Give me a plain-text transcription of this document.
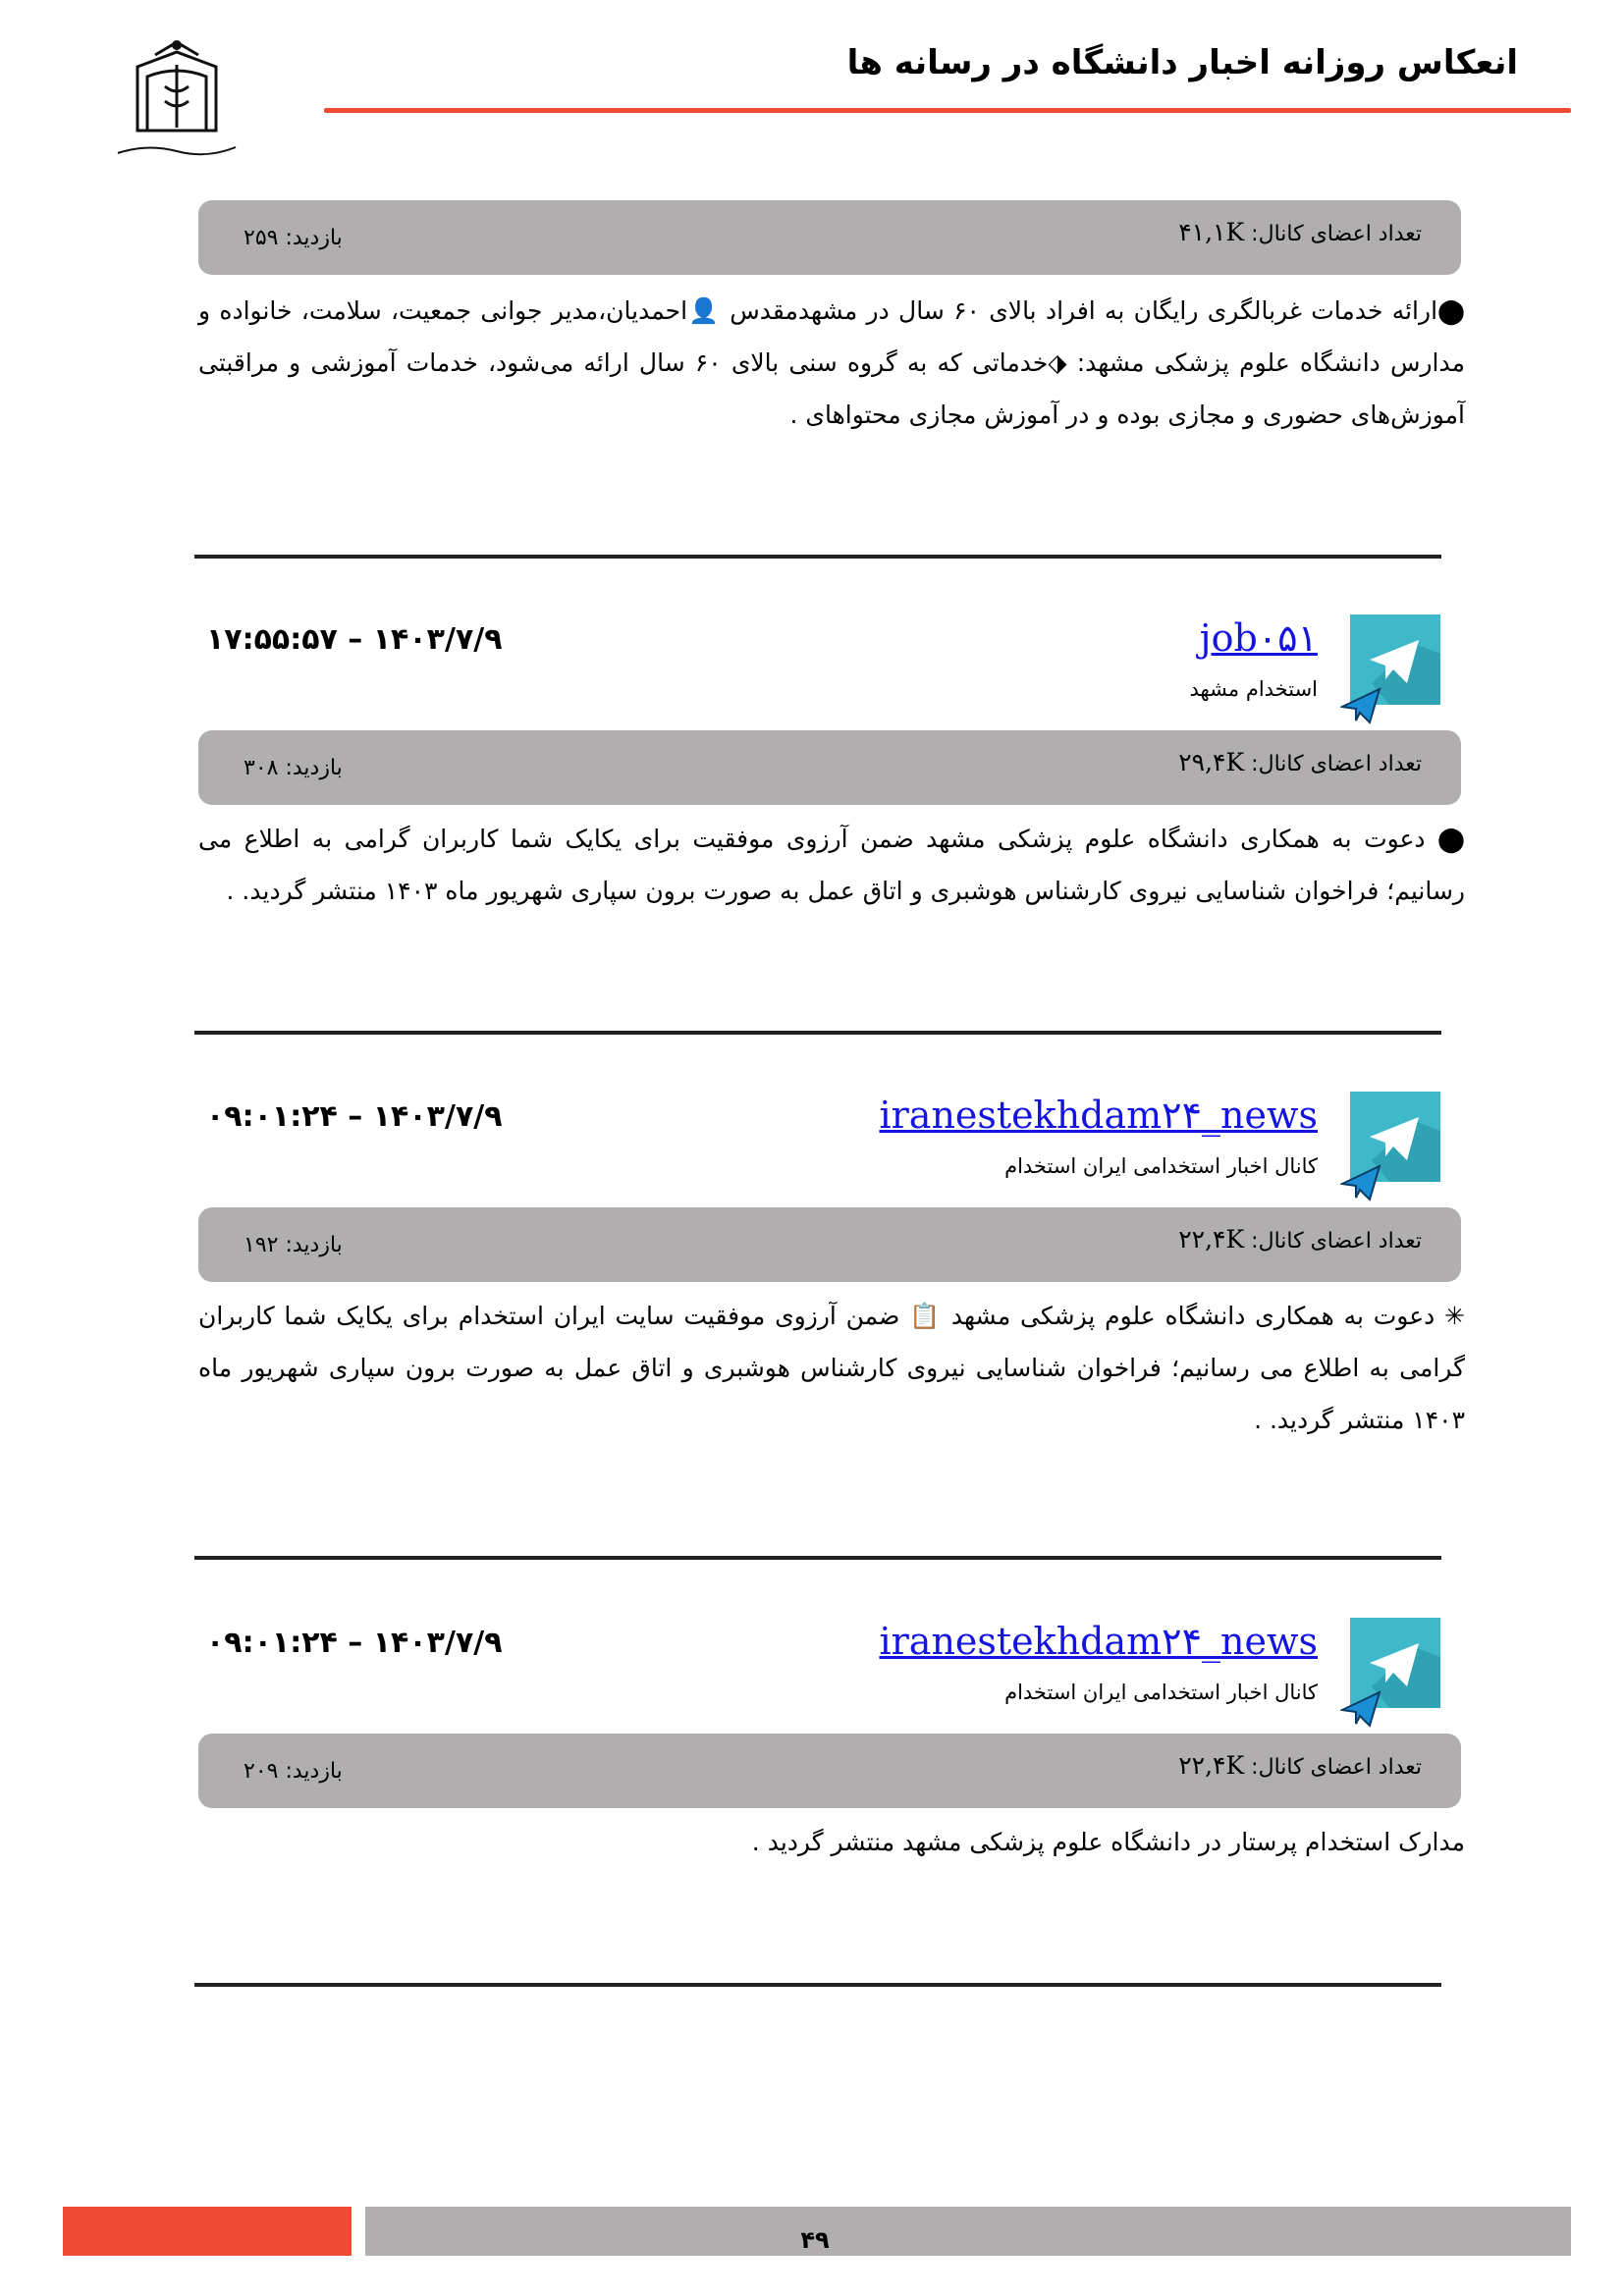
انعکاس روزانه اخبار دانشگاه در رسانه ها
تعداد اعضای کانال: ۴۱,۱K
بازدید: ۲۵۹
⬤ارائه خدمات غربالگری رایگان به افراد بالای ۶۰ سال در مشهدمقدس 👤احمدیان،مدیر جوانی جمعیت، سلامت، خانواده و مدارس دانشگاه علوم پزشکی مشهد: ⬗خدماتی که به گروه سنی بالای ۶۰ سال ارائه می‌شود، خدمات آموزشی و مراقبتی آموزش‌های حضوری و مجازی بوده و در آموزش مجازی محتواهای .
job۰۵۱
استخدام مشهد
۱۴۰۳/۷/۹ – ۱۷:۵۵:۵۷
تعداد اعضای کانال: ۲۹,۴K
بازدید: ۳۰۸
⬤ دعوت به همکاری دانشگاه علوم پزشکی مشهد ضمن آرزوی موفقیت برای یکایک شما کاربران گرامی به اطلاع می رسانیم؛ فراخوان شناسایی نیروی کارشناس هوشبری و اتاق عمل به صورت برون سپاری شهریور ماه ۱۴۰۳ منتشر گردید. .
iranestekhdam۲۴_news
کانال اخبار استخدامی ایران استخدام
۱۴۰۳/۷/۹ – ۰۹:۰۱:۲۴
تعداد اعضای کانال: ۲۲,۴K
بازدید: ۱۹۲
✳ دعوت به همکاری دانشگاه علوم پزشکی مشهد 📋 ضمن آرزوی موفقیت سایت ایران استخدام برای یکایک شما کاربران گرامی به اطلاع می رسانیم؛ فراخوان شناسایی نیروی کارشناس هوشبری و اتاق عمل به صورت برون سپاری شهریور ماه ۱۴۰۳ منتشر گردید. .
iranestekhdam۲۴_news
کانال اخبار استخدامی ایران استخدام
۱۴۰۳/۷/۹ – ۰۹:۰۱:۲۴
تعداد اعضای کانال: ۲۲,۴K
بازدید: ۲۰۹
مدارک استخدام پرستار در دانشگاه علوم پزشکی مشهد منتشر گردید .
۴۹
